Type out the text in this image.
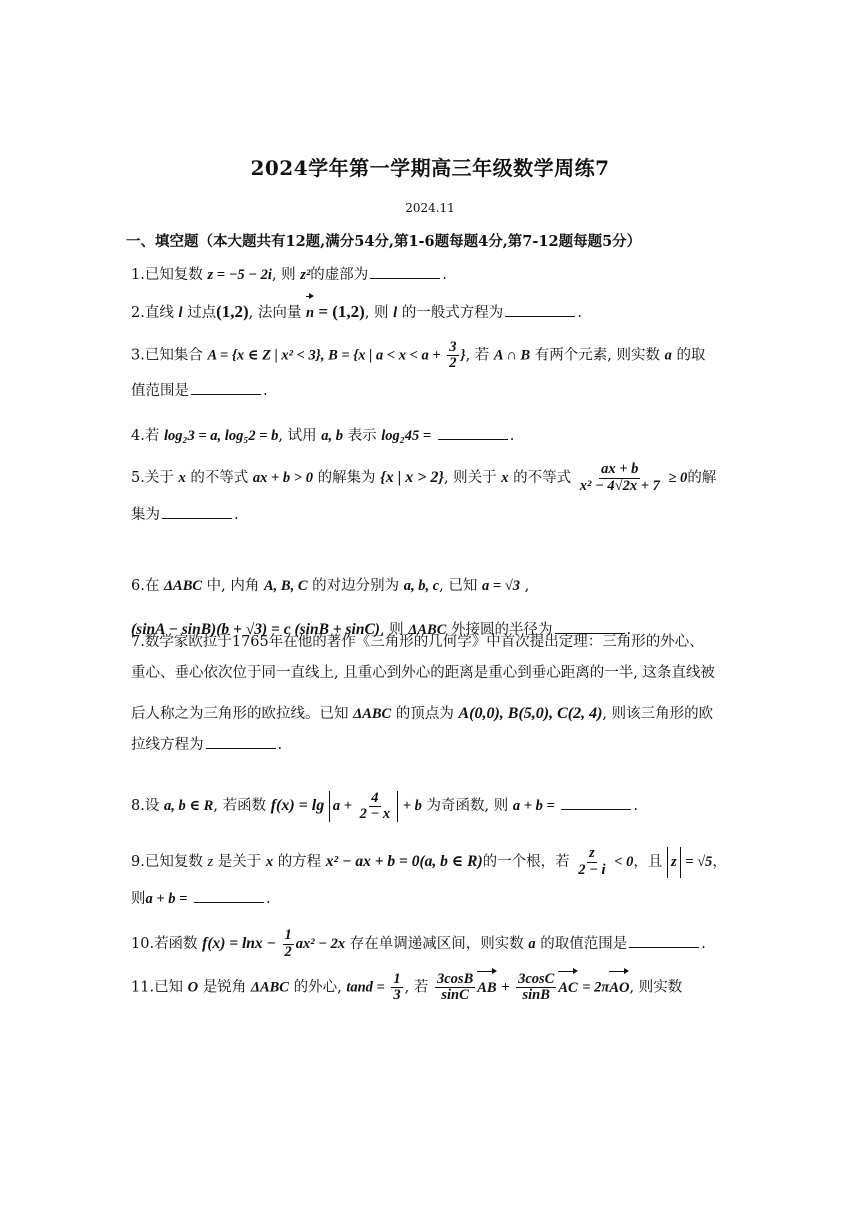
2024学年第一学期高三年级数学周练7
2024.11
一、填空题（本大题共有12题,满分54分,第1-6题每题4分,第7-12题每题5分）
1.已知复数 z = −5 − 2i, 则 z²的虚部为	.
2.直线 l 过点(1,2), 法向量 n = (1,2), 则 l 的一般式方程为	.
3.已知集合 A = {x ∈ Z | x² < 3}, B = {x | $a < x < a + \frac{3}{2}$ }, 若 A ∩ B 有两个元素, 则实数 a 的取
值范围是	.
4.若 log₂3 = a, log₅2 = b, 试用 a, b 表示 log₂45 =	.
5.关于 x 的不等式 ax + b > 0 的解集为 {x | x > 2}, 则关于 x 的不等式 $\frac{ax + b}{\text{x² − 4√2x + 7}} \ge 0$的解
集为	.
6.在 ΔABC 中, 内角 A, B, C 的对边分别为 a, b, c, 已知 a = √3 ,
(sinA − sinB)(b + √3) = c (sinB + sinC), 则 ΔABC 外接圆的半径为	.
7.数学家欧拉于1765年在他的著作《三角形的几何学》中首次提出定理：三角形的外心、
重心、垂心依次位于同一直线上, 且重心到外心的距离是重心到垂心距离的一半, 这条直线被
后人称之为三角形的欧拉线。已知 ΔABC 的顶点为 A(0,0), B(5,0), C(2, 4), 则该三角形的欧
拉线方程为	.
8.设 a, b ∈ R, 若函数 $f(x) = \lg a + \frac{4}{2 - x} + b$ 为奇函数, 则 a + b =	.
9.已知复数 z 是关于 x 的方程 x² − ax + b = 0(a, b ∈ R)的一个根，若 $\frac{z}{2 - i} < 0$，且 z = √5，
则a + b =	.
10.若函数 $f(x) = \ln x - \frac{1}{2} ax^2 - 2x$ 存在单调递减区间，则实数 a 的取值范围是	.
11.已知 O 是锐角 ΔABC 的外心, $\tan d = \frac{1}{3}$ , 若 $\frac{3\cos B}{\sin C}$ AB + $\frac{3\cos C}{\sin B}$ AC = 2πAO, 则实数
